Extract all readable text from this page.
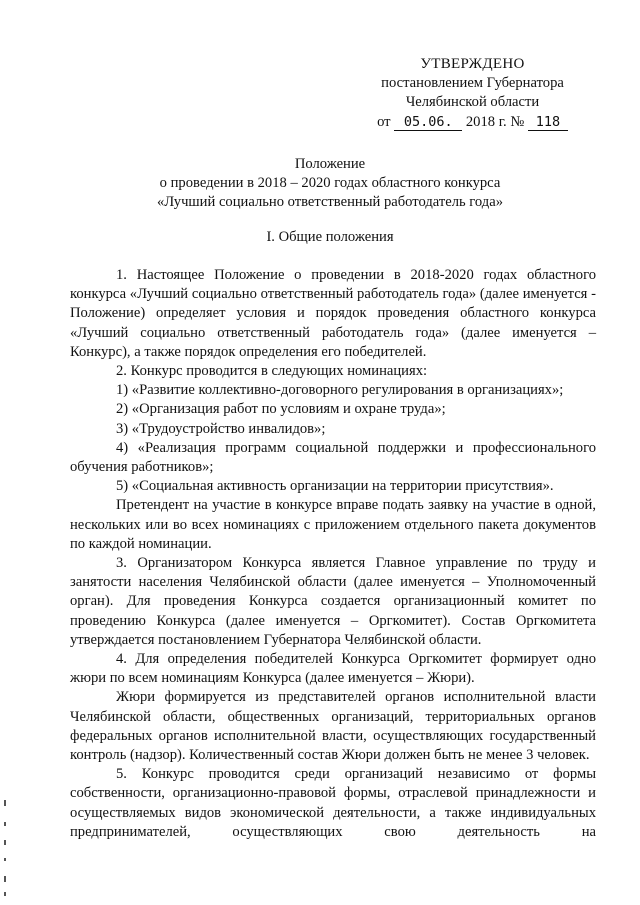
УТВЕРЖДЕНО
постановлением Губернатора
Челябинской области
от 05.06. 2018 г. № 118
Положение
о проведении в 2018 – 2020 годах областного конкурса
«Лучший социально ответственный работодатель года»
I. Общие положения

1. Настоящее Положение о проведении в 2018-2020 годах областного конкурса «Лучший социально ответственный работодатель года» (далее именуется - Положение) определяет условия и порядок проведения областного конкурса «Лучший социально ответственный работодатель года» (далее именуется – Конкурс), а также порядок определения его победителей.

2. Конкурс проводится в следующих номинациях:

1) «Развитие коллективно-договорного регулирования в организациях»;

2) «Организация работ по условиям и охране труда»;

3) «Трудоустройство инвалидов»;

4) «Реализация программ социальной поддержки и профессионального обучения работников»;

5) «Социальная активность организации на территории присутствия».

Претендент на участие в конкурсе вправе подать заявку на участие в одной, нескольких или во всех номинациях с приложением отдельного пакета документов по каждой номинации.

3. Организатором Конкурса является Главное управление по труду и занятости населения Челябинской области (далее именуется – Уполномоченный орган). Для проведения Конкурса создается организационный комитет по проведению Конкурса (далее именуется – Оргкомитет). Состав Оргкомитета утверждается постановлением Губернатора Челябинской области.

4. Для определения победителей Конкурса Оргкомитет формирует одно жюри по всем номинациям Конкурса (далее именуется – Жюри).

Жюри формируется из представителей органов исполнительной власти Челябинской области, общественных организаций, территориальных органов федеральных органов исполнительной власти, осуществляющих государственный контроль (надзор). Количественный состав Жюри должен быть не менее 3 человек.

5. Конкурс проводится среди организаций независимо от формы собственности, организационно-правовой формы, отраслевой принадлежности и осуществляемых видов экономической деятельности, а также индивидуальных предпринимателей, осуществляющих свою деятельность на
